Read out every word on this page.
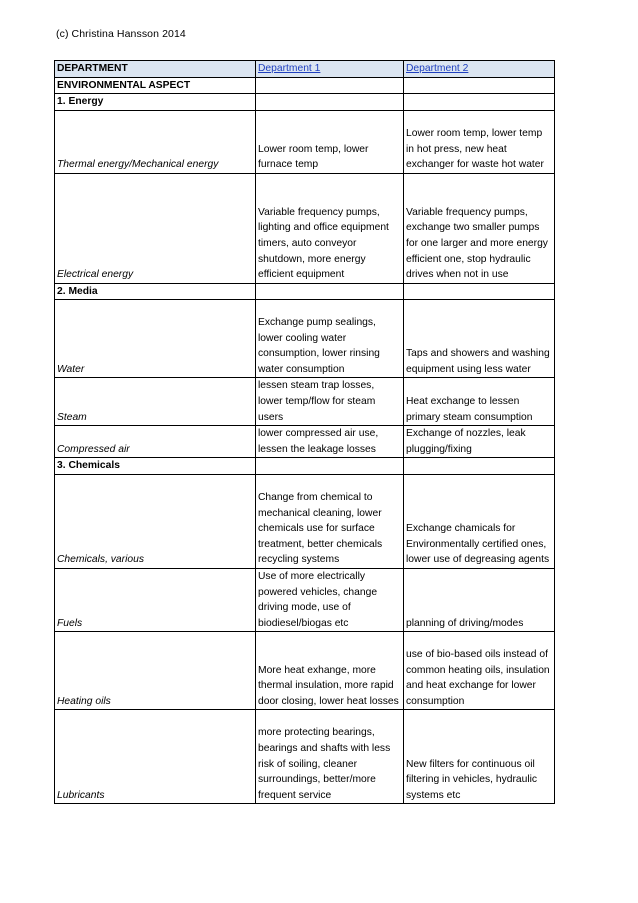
(c) Christina Hansson 2014
DEPARTMENT	Department 1	Department 2
ENVIRONMENTAL ASPECT		
1. Energy		
Thermal energy/Mechanical energy	Lower room temp, lower furnace temp	Lower room temp, lower temp in hot press, new heat exchanger for waste hot water
Electrical energy	Variable frequency pumps, lighting and office equipment timers, auto conveyor shutdown, more energy efficient equipment	Variable frequency pumps, exchange two smaller pumps for one larger and more energy efficient one, stop hydraulic drives when not in use
2. Media		
Water	Exchange pump sealings, lower cooling water consumption, lower rinsing water consumption	Taps and showers and washing equipment using less water
Steam	lessen steam trap losses, lower temp/flow for steam users	Heat exchange to lessen primary steam consumption
Compressed air	lower compressed air use, lessen the leakage losses	Exchange of nozzles, leak plugging/fixing
3. Chemicals		
Chemicals, various	Change from chemical to mechanical cleaning, lower chemicals use for surface treatment, better chemicals recycling systems	Exchange chamicals for Environmentally certified ones, lower use of degreasing agents
Fuels	Use of more electrically powered vehicles, change driving mode, use of biodiesel/biogas etc	planning of driving/modes
Heating oils	More heat exhange, more thermal insulation, more rapid door closing, lower heat losses	use of bio-based oils instead of common heating oils, insulation and heat exchange for lower consumption
Lubricants	more protecting bearings, bearings and shafts with less risk of soiling, cleaner surroundings, better/more frequent service	New filters for continuous oil filtering in vehicles, hydraulic systems etc
